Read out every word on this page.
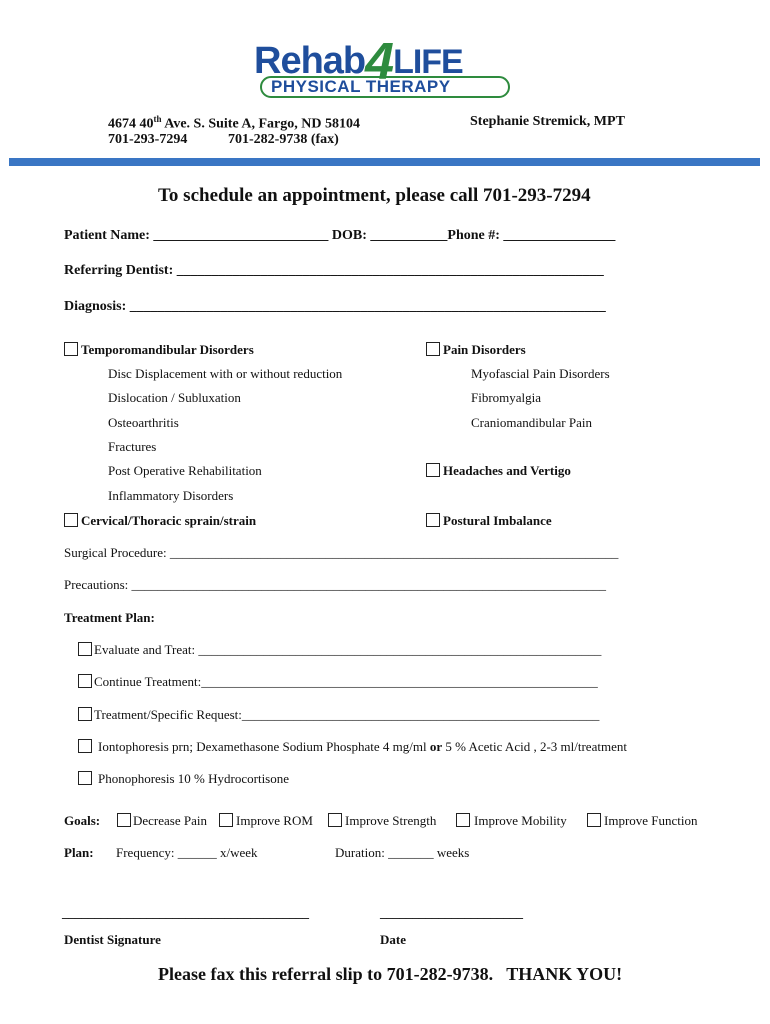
Rehab4LIFE
PHYSICAL THERAPY
4674 40th Ave. S. Suite A, Fargo, ND 58104
701-293-7294	701-282-9738 (fax)
Stephanie Stremick, MPT
To schedule an appointment, please call 701-293-7294
Patient Name: _________________________ DOB: ___________Phone #: ________________
Referring Dentist: _____________________________________________________________
Diagnosis: ____________________________________________________________________
Temporomandibular Disorders
Disc Displacement with or without reduction
Dislocation / Subluxation
Osteoarthritis
Fractures
Post Operative Rehabilitation
Inflammatory Disorders
Cervical/Thoracic sprain/strain
Pain Disorders
Myofascial Pain Disorders
Fibromyalgia
Craniomandibular Pain
Headaches and Vertigo
Postural Imbalance
Surgical Procedure: _____________________________________________________________________
Precautions: _________________________________________________________________________
Treatment Plan:
Evaluate and Treat: ______________________________________________________________
Continue Treatment:_____________________________________________________________
Treatment/Specific Request:_______________________________________________________
Iontophoresis prn; Dexamethasone Sodium Phosphate 4 mg/ml or 5 % Acetic Acid , 2-3 ml/treatment
Phonophoresis 10 % Hydrocortisone
Goals:	Decrease Pain Improve ROM Improve Strength	Improve Mobility	Improve Function
Plan: Frequency: ______ x/week	Duration: _______ weeks
______________________________________	______________________
Dentist Signature	Date
Please fax this referral slip to 701-282-9738.   THANK YOU!
